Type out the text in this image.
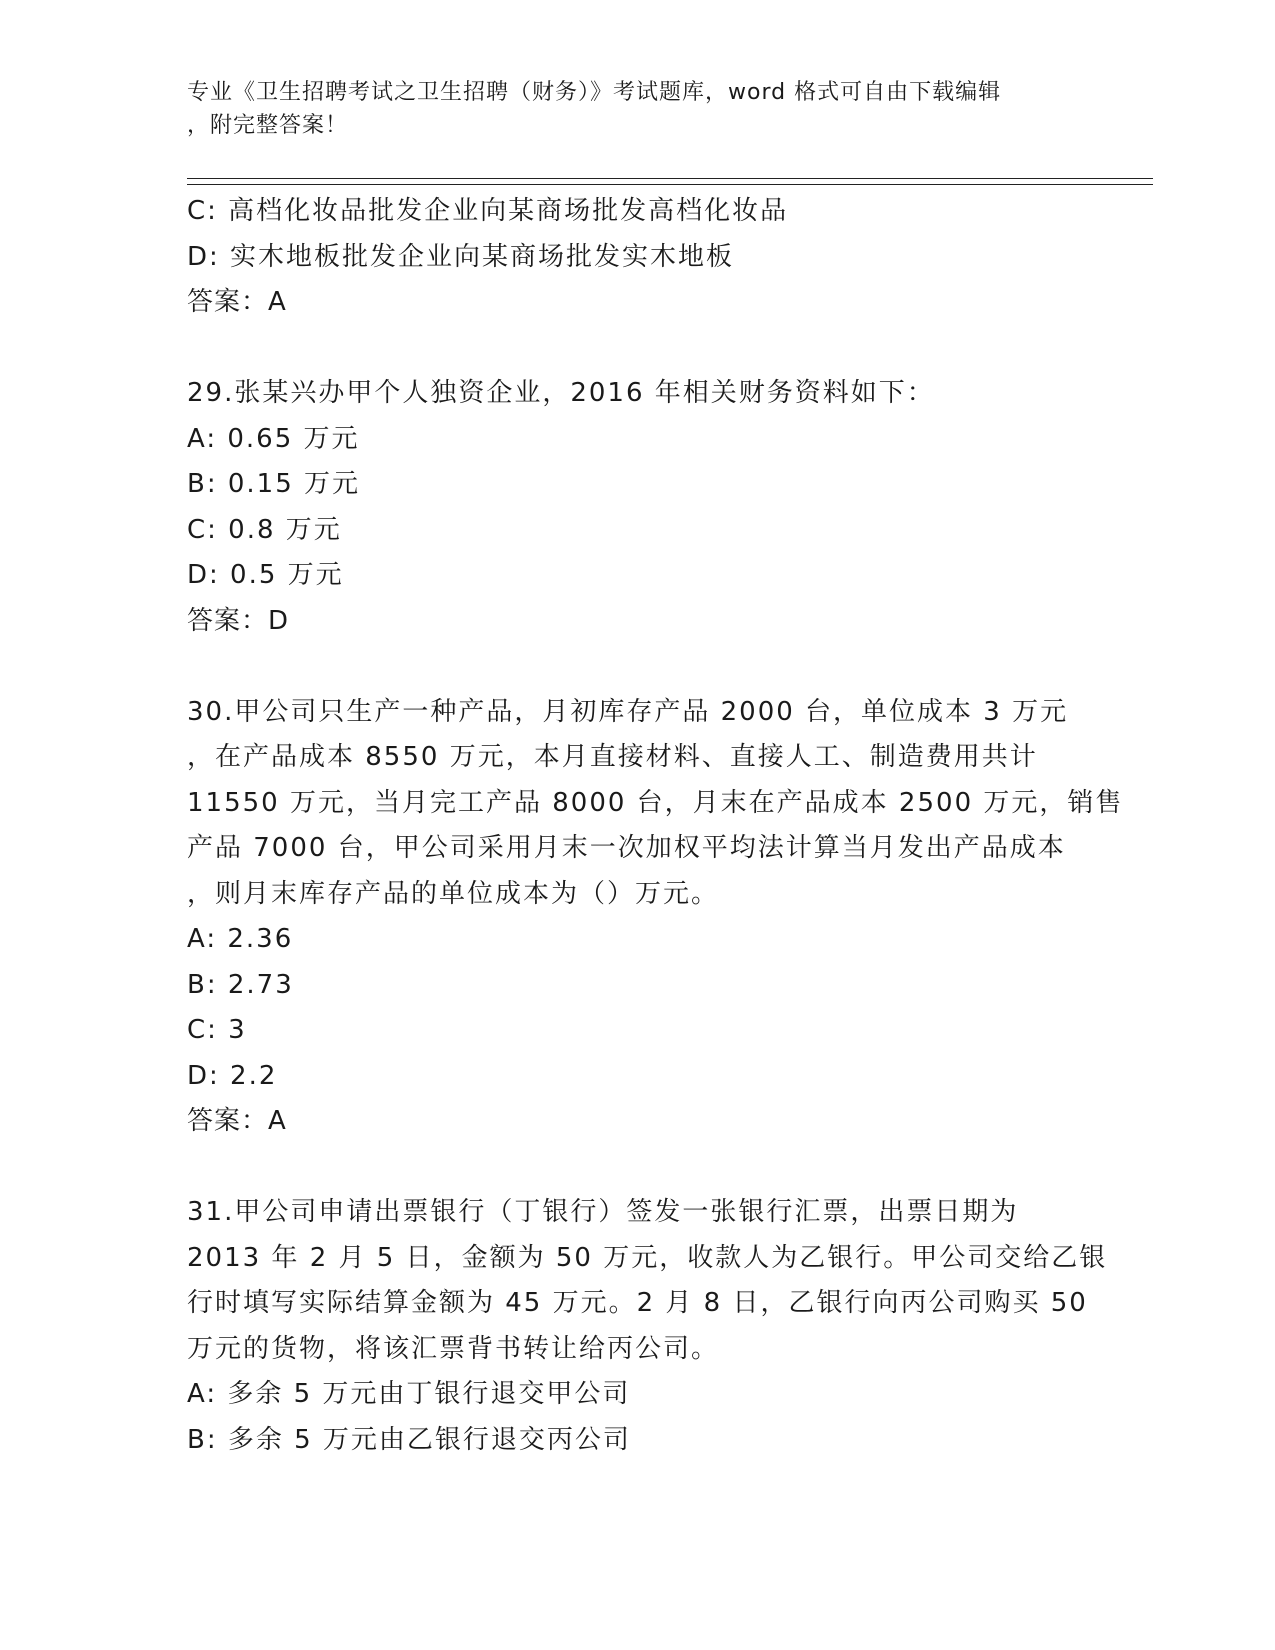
专业《卫生招聘考试之卫生招聘（财务）》考试题库，word 格式可自由下载编辑
，附完整答案！
C: 高档化妆品批发企业向某商场批发高档化妆品
D: 实木地板批发企业向某商场批发实木地板
答案：A
29.张某兴办甲个人独资企业，2016 年相关财务资料如下：
A: 0.65 万元
B: 0.15 万元
C: 0.8 万元
D: 0.5 万元
答案：D
30.甲公司只生产一种产品，月初库存产品 2000 台，单位成本 3 万元
，在产品成本 8550 万元，本月直接材料、直接人工、制造费用共计
11550 万元，当月完工产品 8000 台，月末在产品成本 2500 万元，销售
产品 7000 台，甲公司采用月末一次加权平均法计算当月发出产品成本
，则月末库存产品的单位成本为（）万元。
A: 2.36
B: 2.73
C: 3
D: 2.2
答案：A
31.甲公司申请出票银行（丁银行）签发一张银行汇票，出票日期为
2013 年 2 月 5 日，金额为 50 万元，收款人为乙银行。甲公司交给乙银
行时填写实际结算金额为 45 万元。2 月 8 日，乙银行向丙公司购买 50
万元的货物，将该汇票背书转让给丙公司。
A: 多余 5 万元由丁银行退交甲公司
B: 多余 5 万元由乙银行退交丙公司
